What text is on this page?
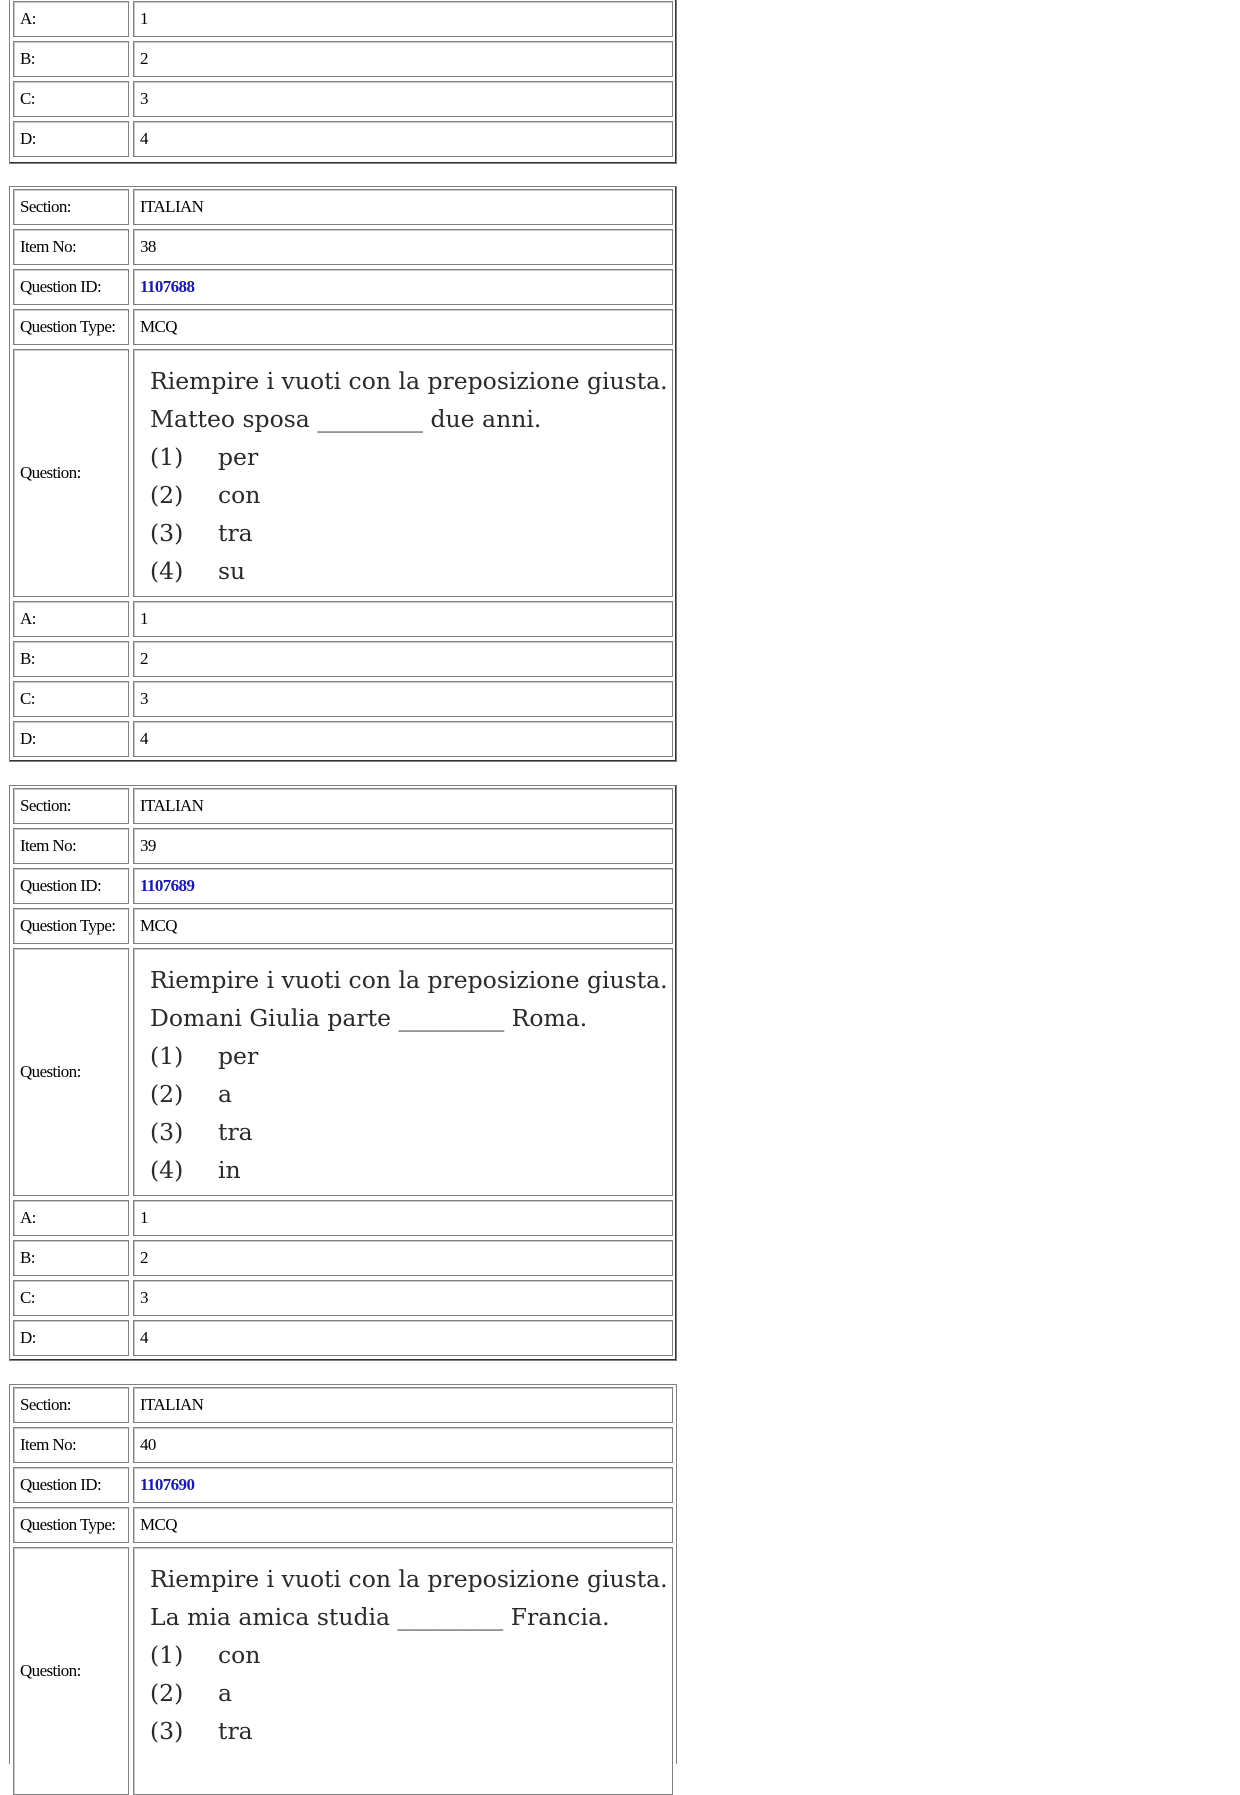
A:	1
B:	2
C:	3
D:	4
Section:	ITALIAN
Item No:	38
Question ID:	1107688
Question Type:	MCQ
Question:
Riempire i vuoti con la preposizione giusta.
Matteo sposa _________ due anni.
(1)	per
(2)	con
(3)	tra
(4)	su
A:	1
B:	2
C:	3
D:	4
Section:	ITALIAN
Item No:	39
Question ID:	1107689
Question Type:	MCQ
Question:
Riempire i vuoti con la preposizione giusta.
Domani Giulia parte _________ Roma.
(1)	per
(2)	a
(3)	tra
(4)	in
A:	1
B:	2
C:	3
D:	4
Section:	ITALIAN
Item No:	40
Question ID:	1107690
Question Type:	MCQ
Question:
Riempire i vuoti con la preposizione giusta.
La mia amica studia _________ Francia.
(1)	con
(2)	a
(3)	tra
